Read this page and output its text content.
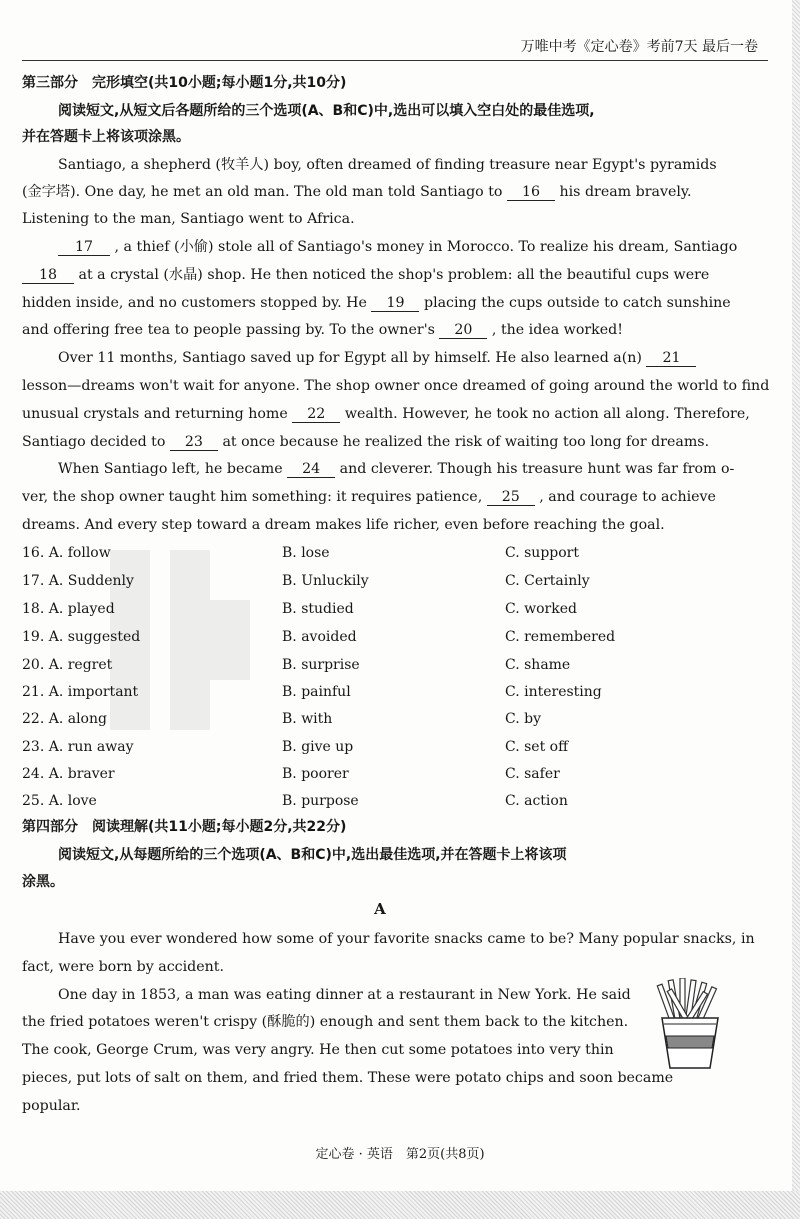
万唯中考《定心卷》考前7天 最后一卷
第三部分　完形填空(共10小题;每小题1分,共10分)
阅读短文,从短文后各题所给的三个选项(A、B和C)中,选出可以填入空白处的最佳选项,
并在答题卡上将该项涂黑。
Santiago, a shepherd (牧羊人) boy, often dreamed of finding treasure near Egypt's pyramids
(金字塔). One day, he met an old man. The old man told Santiago to 16 his dream bravely.
Listening to the man, Santiago went to Africa.
17 , a thief (小偷) stole all of Santiago's money in Morocco. To realize his dream, Santiago
18 at a crystal (水晶) shop. He then noticed the shop's problem: all the beautiful cups were
hidden inside, and no customers stopped by. He 19 placing the cups outside to catch sunshine
and offering free tea to people passing by. To the owner's 20 , the idea worked!
Over 11 months, Santiago saved up for Egypt all by himself. He also learned a(n) 21
lesson—dreams won't wait for anyone. The shop owner once dreamed of going around the world to find
unusual crystals and returning home 22 wealth. However, he took no action all along. Therefore,
Santiago decided to 23 at once because he realized the risk of waiting too long for dreams.
When Santiago left, he became 24 and cleverer. Though his treasure hunt was far from o-
ver, the shop owner taught him something: it requires patience, 25 , and courage to achieve
dreams. And every step toward a dream makes life richer, even before reaching the goal.
16. A. follow	B. lose	C. support
17. A. Suddenly	B. Unluckily	C. Certainly
18. A. played	B. studied	C. worked
19. A. suggested	B. avoided	C. remembered
20. A. regret	B. surprise	C. shame
21. A. important	B. painful	C. interesting
22. A. along	B. with	C. by
23. A. run away	B. give up	C. set off
24. A. braver	B. poorer	C. safer
25. A. love	B. purpose	C. action
第四部分　阅读理解(共11小题;每小题2分,共22分)
阅读短文,从每题所给的三个选项(A、B和C)中,选出最佳选项,并在答题卡上将该项
涂黑。
A
Have you ever wondered how some of your favorite snacks came to be? Many popular snacks, in
fact, were born by accident.
One day in 1853, a man was eating dinner at a restaurant in New York. He said
the fried potatoes weren't crispy (酥脆的) enough and sent them back to the kitchen.
The cook, George Crum, was very angry. He then cut some potatoes into very thin
pieces, put lots of salt on them, and fried them. These were potato chips and soon became
popular.
定心卷 · 英语　第2页(共8页)
